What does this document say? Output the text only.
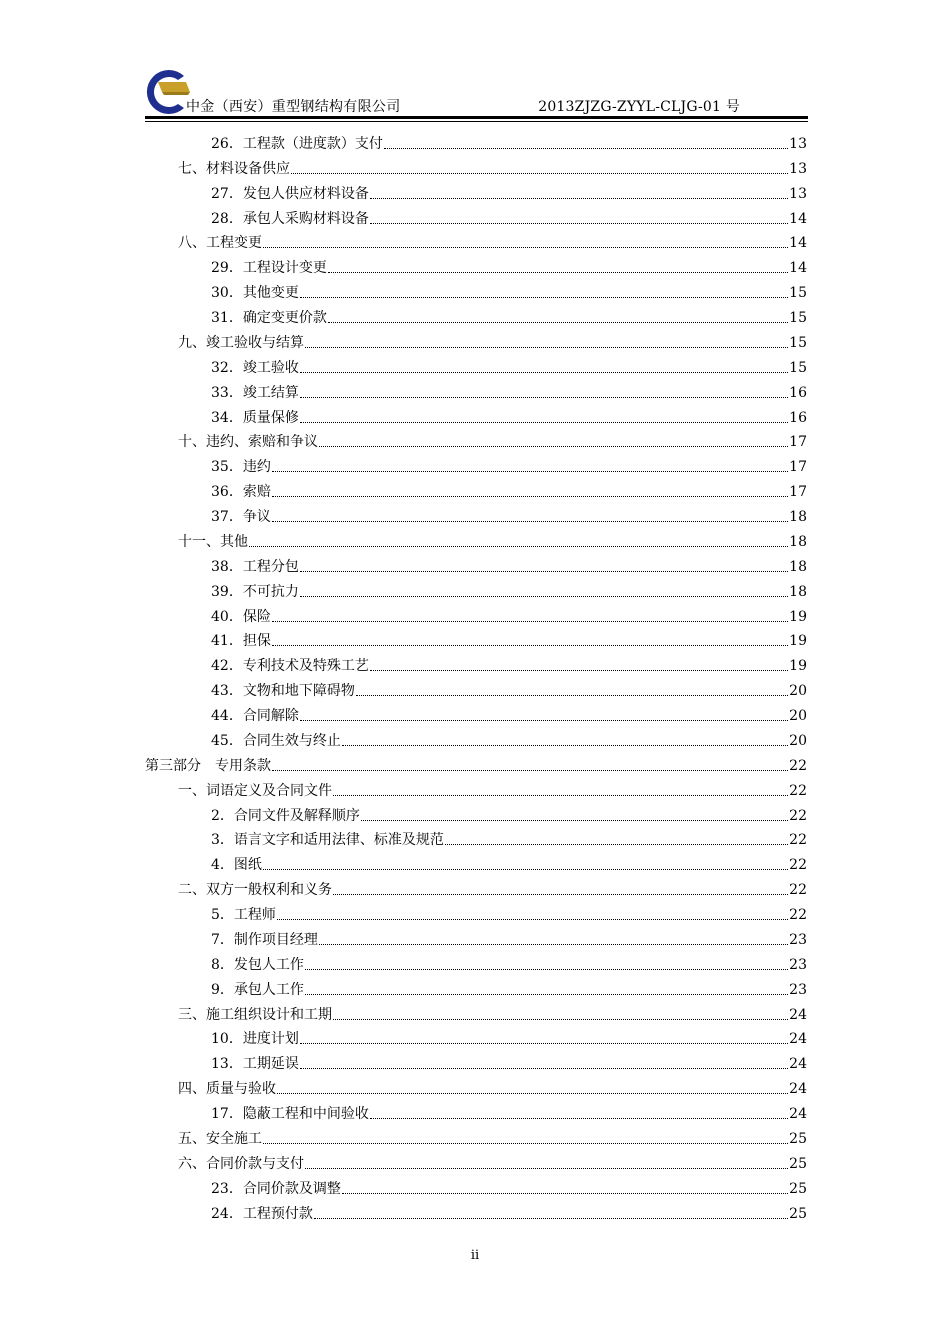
中金（西安）重型钢结构有限公司	2013ZJZG-ZYYL-CLJG-01 号
26． 工程款（进度款）支付	13
七、 材料设备供应	13
27． 发包人供应材料设备	13
28． 承包人采购材料设备	14
八、 工程变更	14
29． 工程设计变更	14
30． 其他变更	15
31． 确定变更价款	15
九、 竣工验收与结算	15
32． 竣工验收	15
33． 竣工结算	16
34． 质量保修	16
十、 违约、索赔和争议	17
35． 违约	17
36． 索赔	17
37． 争议	18
十一、 其他	18
38． 工程分包	18
39． 不可抗力	18
40． 保险	19
41． 担保	19
42． 专利技术及特殊工艺	19
43． 文物和地下障碍物	20
44． 合同解除	20
45． 合同生效与终止	20
第三部分　 专用条款	22
一、 词语定义及合同文件	22
2． 合同文件及解释顺序	22
3． 语言文字和适用法律、标准及规范	22
4． 图纸	22
二、 双方一般权利和义务	22
5． 工程师	22
7． 制作项目经理	23
8． 发包人工作	23
9． 承包人工作	23
三、 施工组织设计和工期	24
10． 进度计划	24
13． 工期延误	24
四、 质量与验收	24
17． 隐蔽工程和中间验收	24
五、 安全施工	25
六、 合同价款与支付	25
23． 合同价款及调整	25
24． 工程预付款	25
ii
